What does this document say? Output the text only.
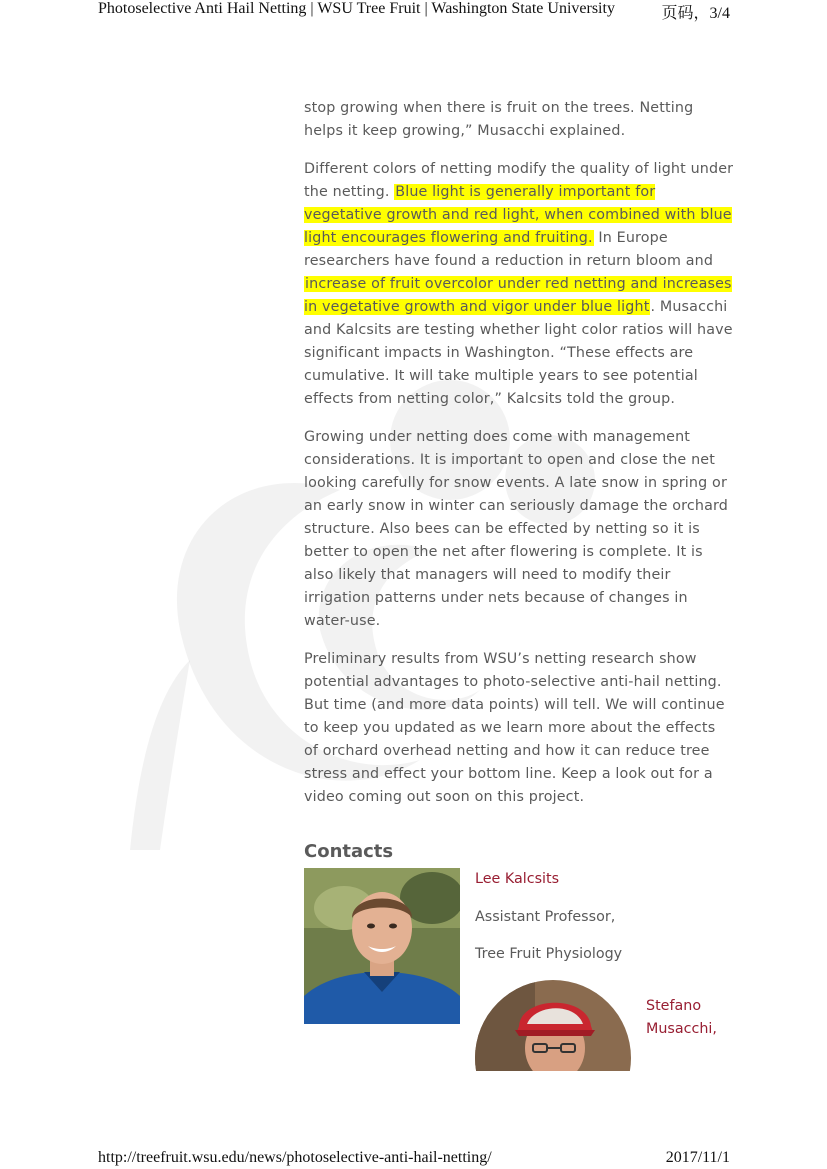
Photoselective Anti Hail Netting | WSU Tree Fruit | Washington State University	页码，3/4

stop growing when there is fruit on the trees. Netting helps it keep growing,” Musacchi explained.

Different colors of netting modify the quality of light under the netting. Blue light is generally important for vegetative growth and red light, when combined with blue light encourages flowering and fruiting. In Europe researchers have found a reduction in return bloom and increase of fruit overcolor under red netting and increases in vegetative growth and vigor under blue light. Musacchi and Kalcsits are testing whether light color ratios will have significant impacts in Washington. “These effects are cumulative. It will take multiple years to see potential effects from netting color,” Kalcsits told the group.

Growing under netting does come with management considerations. It is important to open and close the net looking carefully for snow events. A late snow in spring or an early snow in winter can seriously damage the orchard structure. Also bees can be effected by netting so it is better to open the net after flowering is complete. It is also likely that managers will need to modify their irrigation patterns under nets because of changes in water-use.

Preliminary results from WSU’s netting research show potential advantages to photo-selective anti-hail netting. But time (and more data points) will tell. We will continue to keep you updated as we learn more about the effects of orchard overhead netting and how it can reduce tree stress and effect your bottom line. Keep a look out for a video coming out soon on this project.

Contacts
Lee Kalcsits
Assistant Professor,
Tree Fruit Physiology
Stefano Musacchi,
http://treefruit.wsu.edu/news/photoselective-anti-hail-netting/	2017/11/1
